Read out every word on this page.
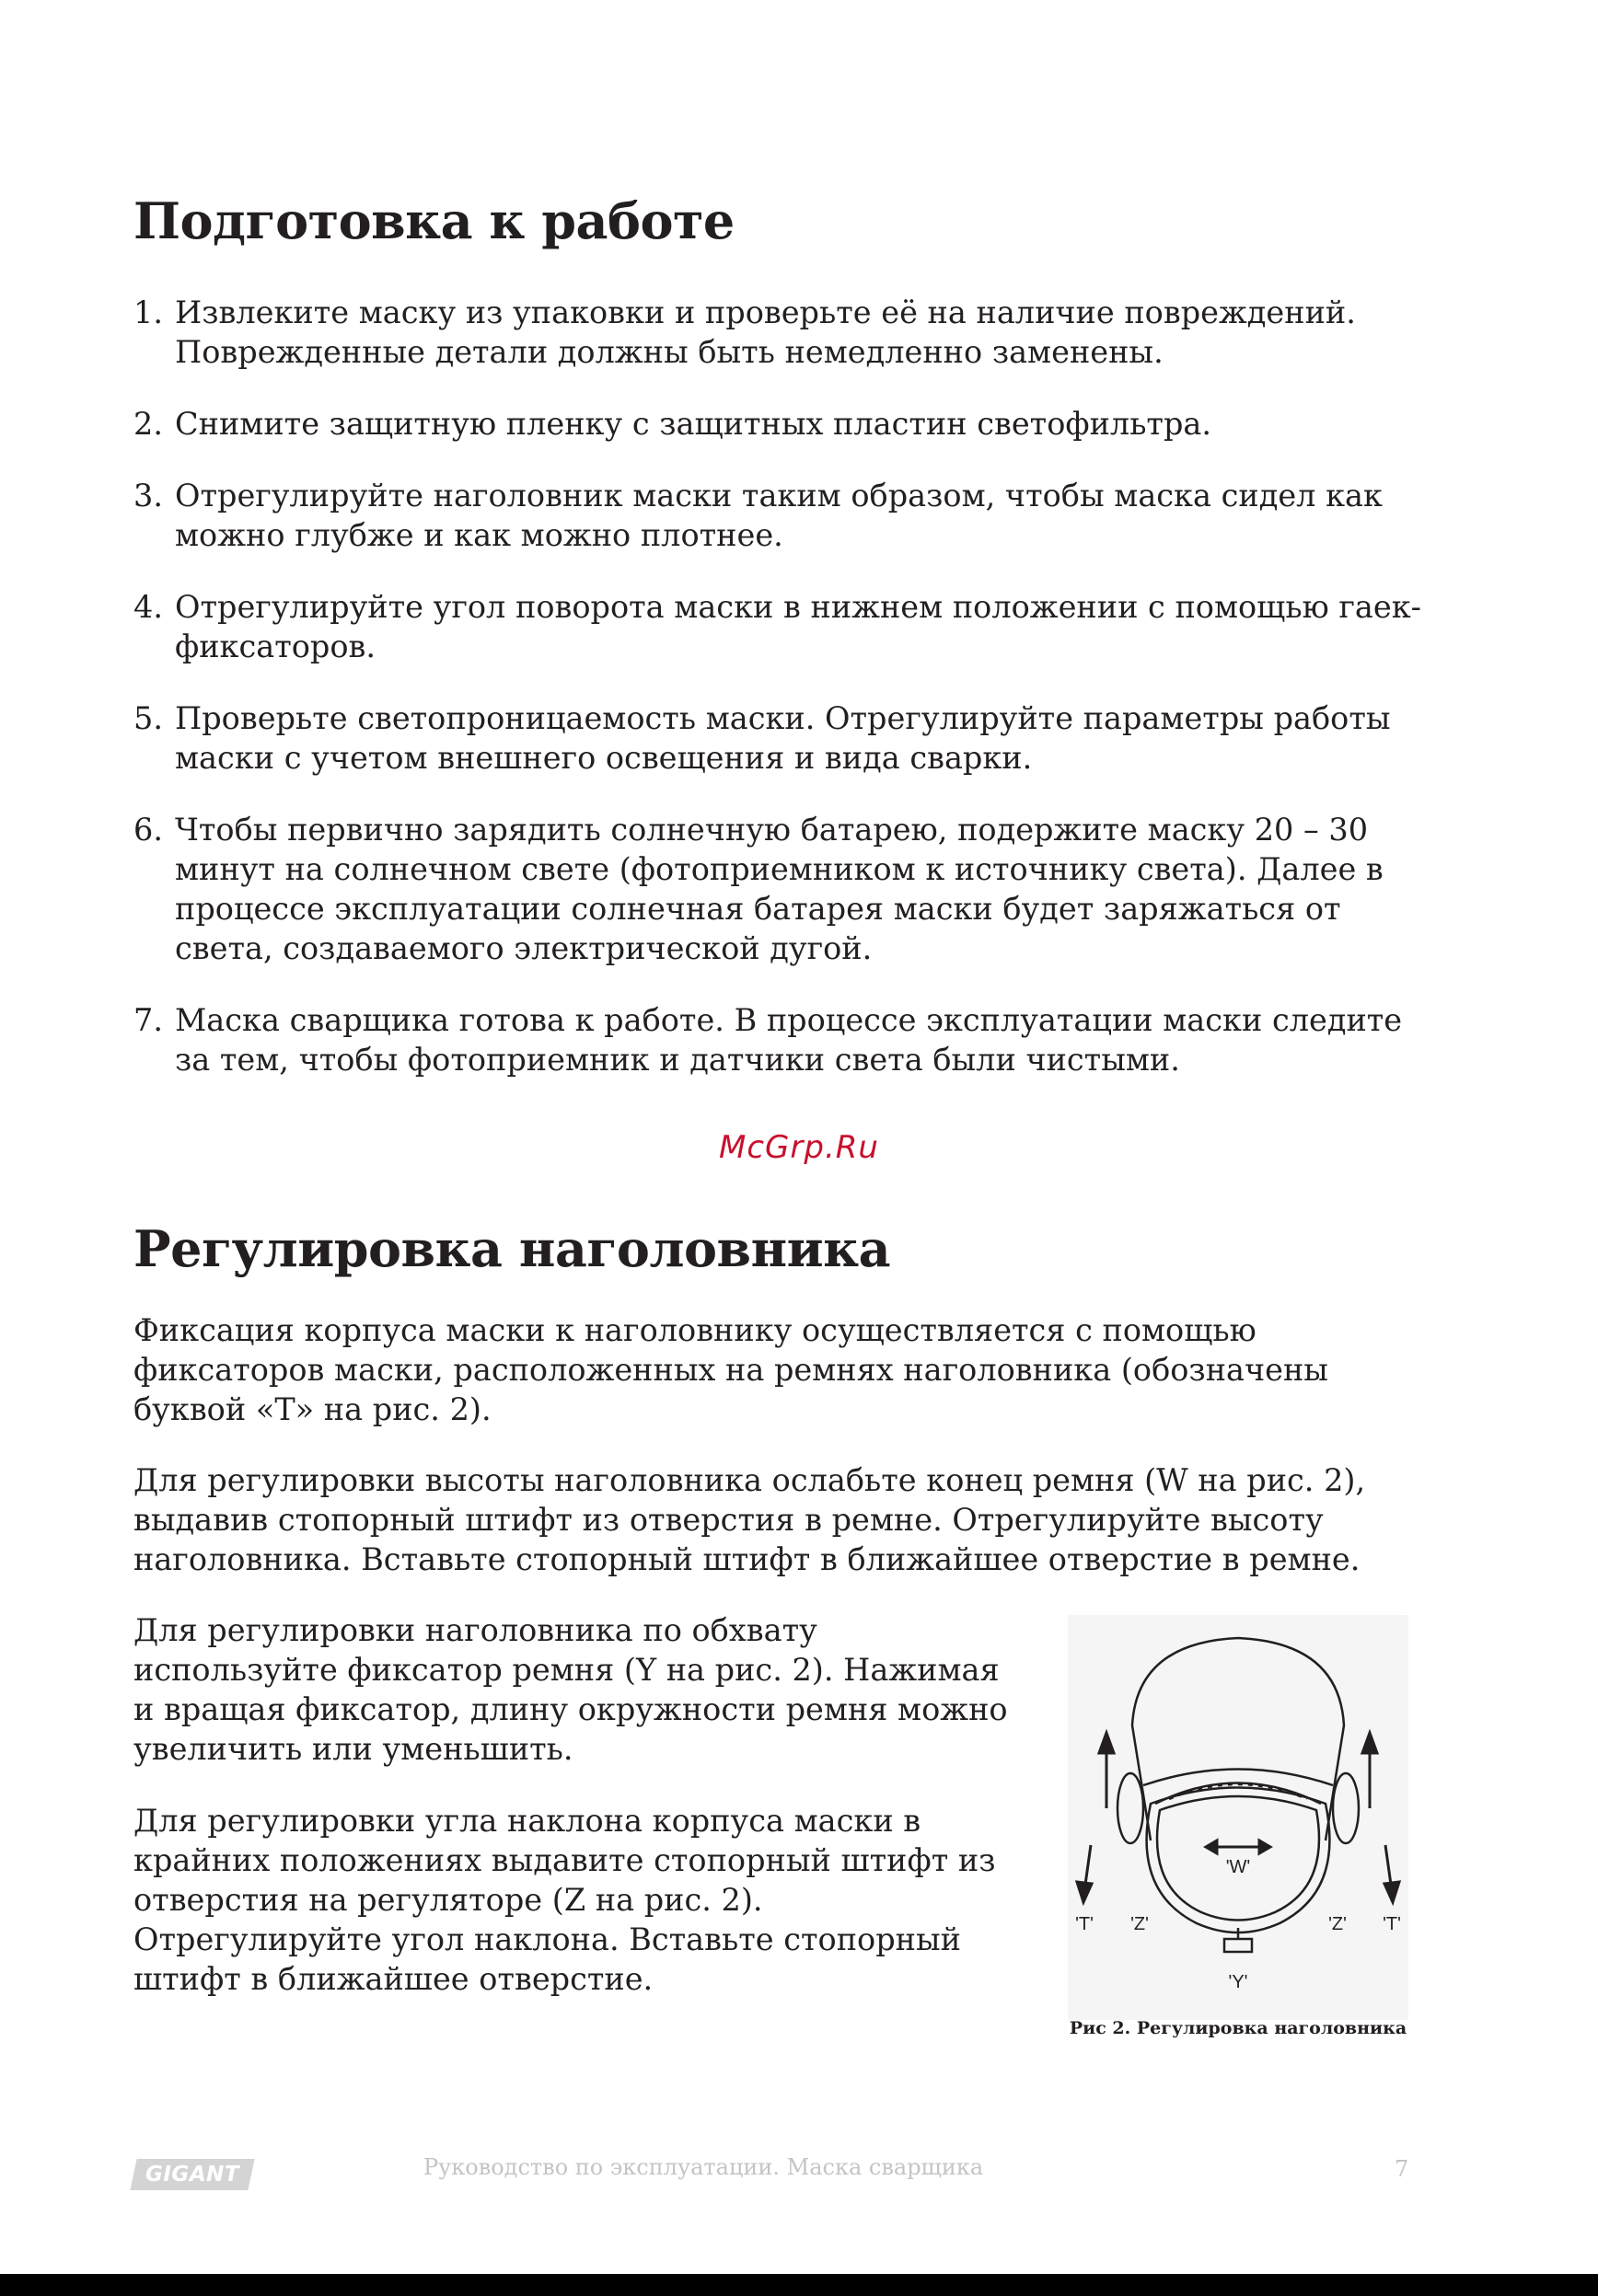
Подготовка к работе
1. Извлеките маску из упаковки и проверьте её на наличие повреждений. Поврежденные детали должны быть немедленно заменены.
2. Снимите защитную пленку с защитных пластин светофильтра.
3. Отрегулируйте наголовник маски таким образом, чтобы маска сидел как можно глубже и как можно плотнее.
4. Отрегулируйте угол поворота маски в нижнем положении с помощью гаек-фиксаторов.
5. Проверьте светопроницаемость маски. Отрегулируйте параметры работы маски с учетом внешнего освещения и вида сварки.
6. Чтобы первично зарядить солнечную батарею, подержите маску 20 – 30 минут на солнечном свете (фотоприемником к источнику света). Далее в процессе эксплуатации солнечная батарея маски будет заряжаться от света, создаваемого электрической дугой.
7. Маска сварщика готова к работе. В процессе эксплуатации маски следите за тем, чтобы фотоприемник и датчики света были чистыми.
McGrp.Ru
Регулировка наголовника

Фиксация корпуса маски к наголовнику осуществляется с помощью фиксаторов маски, расположенных на ремнях наголовника (обозначены буквой «Т» на рис. 2).

Для регулировки высоты наголовника ослабьте конец ремня (W на рис. 2), выдавив стопорный штифт из отверстия в ремне. Отрегулируйте высоту наголовника. Вставьте стопорный штифт в ближайшее отверстие в ремне.

Для регулировки наголовника по обхвату используйте фиксатор ремня (Y на рис. 2). Нажимая и вращая фиксатор, длину окружности ремня можно увеличить или уменьшить.

Для регулировки угла наклона корпуса маски в крайних положениях выдавите стопорный штифт из отверстия на регуляторе (Z на рис. 2). Отрегулируйте угол наклона. Вставьте стопорный штифт в ближайшее отверстие.

'W'
'T' 'Z'	'Z' 'T'
'Y'
Рис 2. Регулировка наголовника
GIGANT	Руководство по эксплуатации. Маска сварщика	7
